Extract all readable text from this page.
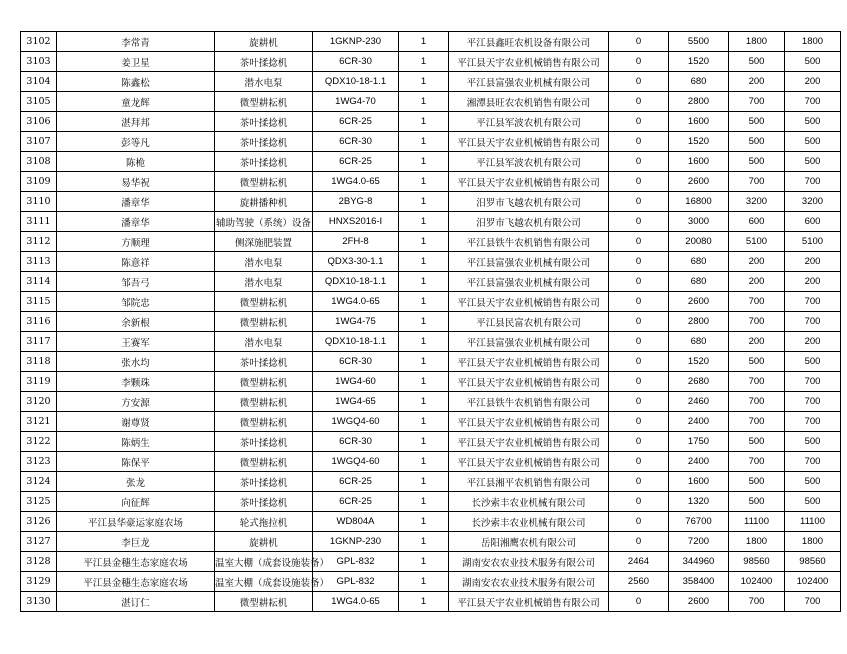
3102	李常青	旋耕机	1GKNP-230	1	平江县鑫旺农机设备有限公司	0	5500	1800	1800
3103	姜卫星	茶叶揉捻机	6CR-30	1	平江县天宇农业机械销售有限公司	0	1520	500	500
3104	陈鑫松	潜水电泵	QDX10-18-1.1	1	平江县富强农业机械有限公司	0	680	200	200
3105	童龙辉	微型耕耘机	1WG4-70	1	湘潭县旺农农机销售有限公司	0	2800	700	700
3106	湛拜邦	茶叶揉捻机	6CR-25	1	平江县军波农机有限公司	0	1600	500	500
3107	彭等凡	茶叶揉捻机	6CR-30	1	平江县天宇农业机械销售有限公司	0	1520	500	500
3108	陈桅	茶叶揉捻机	6CR-25	1	平江县军波农机有限公司	0	1600	500	500
3109	易华祝	微型耕耘机	1WG4.0-65	1	平江县天宇农业机械销售有限公司	0	2600	700	700
3110	潘章华	旋耕播种机	2BYG-8	1	汨罗市飞越农机有限公司	0	16800	3200	3200
3111	潘章华	辅助驾驶（系统）设备	HNXS2016-I	1	汨罗市飞越农机有限公司	0	3000	600	600
3112	方顺理	侧深施肥装置	2FH-8	1	平江县铁牛农机销售有限公司	0	20080	5100	5100
3113	陈意祥	潜水电泵	QDX3-30-1.1	1	平江县富强农业机械有限公司	0	680	200	200
3114	邹吾弓	潜水电泵	QDX10-18-1.1	1	平江县富强农业机械有限公司	0	680	200	200
3115	邹院忠	微型耕耘机	1WG4.0-65	1	平江县天宇农业机械销售有限公司	0	2600	700	700
3116	余新根	微型耕耘机	1WG4-75	1	平江县民富农机有限公司	0	2800	700	700
3117	王赛军	潜水电泵	QDX10-18-1.1	1	平江县富强农业机械有限公司	0	680	200	200
3118	张水均	茶叶揉捻机	6CR-30	1	平江县天宇农业机械销售有限公司	0	1520	500	500
3119	李颗珠	微型耕耘机	1WG4-60	1	平江县天宇农业机械销售有限公司	0	2680	700	700
3120	方安源	微型耕耘机	1WG4-65	1	平江县铁牛农机销售有限公司	0	2460	700	700
3121	谢尊贤	微型耕耘机	1WGQ4-60	1	平江县天宇农业机械销售有限公司	0	2400	700	700
3122	陈炳生	茶叶揉捻机	6CR-30	1	平江县天宇农业机械销售有限公司	0	1750	500	500
3123	陈保平	微型耕耘机	1WGQ4-60	1	平江县天宇农业机械销售有限公司	0	2400	700	700
3124	张龙	茶叶揉捻机	6CR-25	1	平江县湘平农机销售有限公司	0	1600	500	500
3125	向征辉	茶叶揉捻机	6CR-25	1	长沙索丰农业机械有限公司	0	1320	500	500
3126	平江县华豪运家庭农场	轮式拖拉机	WD804A	1	长沙索丰农业机械有限公司	0	76700	11100	11100
3127	李巨龙	旋耕机	1GKNP-230	1	岳阳湘鹰农机有限公司	0	7200	1800	1800
3128	平江县金穗生态家庭农场	温室大棚（成套设施装备）	GPL-832	1	湖南安农农业技术服务有限公司	2464	344960	98560	98560
3129	平江县金穗生态家庭农场	温室大棚（成套设施装备）	GPL-832	1	湖南安农农业技术服务有限公司	2560	358400	102400	102400
3130	湛订仁	微型耕耘机	1WG4.0-65	1	平江县天宇农业机械销售有限公司	0	2600	700	700
